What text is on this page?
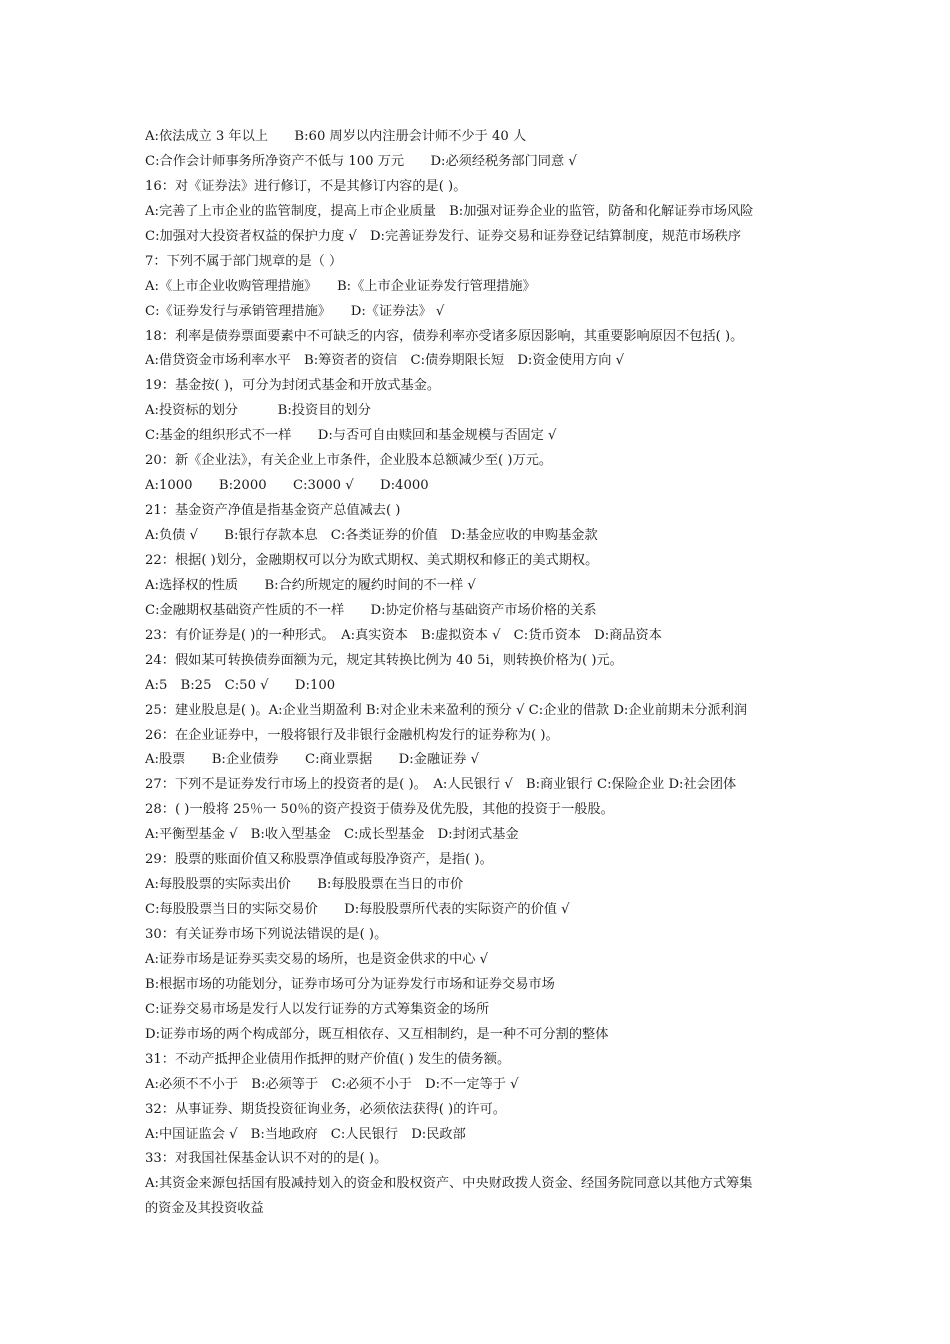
A:依法成立 3 年以上　　B:60 周岁以内注册会计师不少于 40 人
C:合作会计师事务所净资产不低与 100 万元　　D:必须经税务部门同意 √
16：对《证券法》进行修订，不是其修订内容的是( )。
A:完善了上市企业的监管制度，提高上市企业质量　B:加强对证券企业的监管，防备和化解证券市场风险
C:加强对大投资者权益的保护力度 √　D:完善证券发行、证券交易和证券登记结算制度，规范市场秩序
7：下列不属于部门规章的是（ ）
A:《上市企业收购管理措施》　　B:《上市企业证券发行管理措施》
C:《证券发行与承销管理措施》　　D:《证券法》 √
18：利率是债券票面要素中不可缺乏的内容，债券利率亦受诸多原因影响，其重要影响原因不包括( )。
A:借贷资金市场利率水平　B:筹资者的资信　C:债券期限长短　D:资金使用方向 √
19：基金按( )，可分为封闭式基金和开放式基金。
A:投资标的划分　　　B:投资目的划分
C:基金的组织形式不一样　　D:与否可自由赎回和基金规模与否固定 √
20：新《企业法》，有关企业上市条件，企业股本总额减少至( )万元。
A:1000　　B:2000　　C:3000 √　　D:4000
21：基金资产净值是指基金资产总值减去( )
A:负债 √　　B:银行存款本息　C:各类证券的价值　D:基金应收的申购基金款
22：根据( )划分，金融期权可以分为欧式期权、美式期权和修正的美式期权。
A:选择权的性质　　B:合约所规定的履约时间的不一样 √
C:金融期权基础资产性质的不一样　　D:协定价格与基础资产市场价格的关系
23：有价证券是( )的一种形式。　A:真实资本　B:虚拟资本 √　C:货币资本　D:商品资本
24：假如某可转换债券面额为元，规定其转换比例为 40 5i，则转换价格为( )元。
A:5　B:25　C:50 √　　D:100
25：建业股息是( )。A:企业当期盈利 B:对企业未来盈利的预分 √ C:企业的借款 D:企业前期未分派利润
26：在企业证券中，一般将银行及非银行金融机构发行的证券称为( )。
A:股票　　B:企业债券　　C:商业票据　　D:金融证券 √
27：下列不是证券发行市场上的投资者的是( )。　A:人民银行 √　B:商业银行 C:保险企业 D:社会团体
28：( )一般将 25％一 50％的资产投资于债券及优先股，其他的投资于一般股。
A:平衡型基金 √　B:收入型基金　C:成长型基金　D:封闭式基金
29：股票的账面价值又称股票净值或每股净资产，是指( )。
A:每股股票的实际卖出价　　B:每股股票在当日的市价
C:每股股票当日的实际交易价　　D:每股股票所代表的实际资产的价值 √
30：有关证券市场下列说法错误的是( )。
A:证券市场是证券买卖交易的场所，也是资金供求的中心 √
B:根据市场的功能划分，证券市场可分为证券发行市场和证券交易市场
C:证券交易市场是发行人以发行证券的方式筹集资金的场所
D:证券市场的两个构成部分，既互相依存、又互相制约，是一种不可分割的整体
31：不动产抵押企业债用作抵押的财产价值( ) 发生的债务额。
A:必须不不小于　B:必须等于　C:必须不小于　D:不一定等于 √
32：从事证券、期货投资征询业务，必须依法获得( )的许可。
A:中国证监会 √　B:当地政府　C:人民银行　D:民政部
33：对我国社保基金认识不对的的是( )。
A:其资金来源包括国有股减持划入的资金和股权资产、中央财政拨人资金、经国务院同意以其他方式筹集
的资金及其投资收益
